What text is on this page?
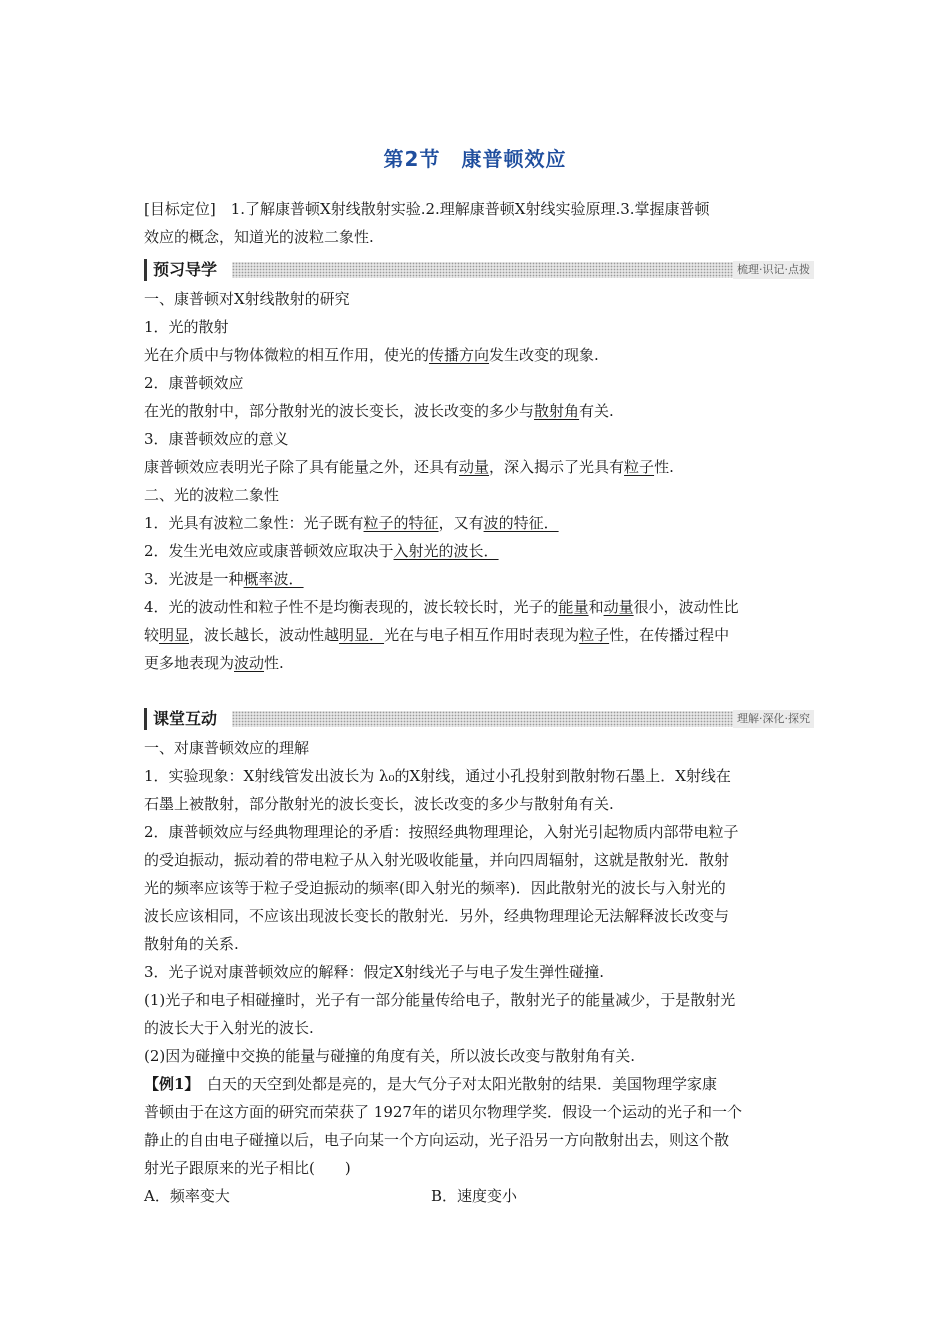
第2节　康普顿效应
[目标定位]　1.了解康普顿X射线散射实验.2.理解康普顿X射线实验原理.3.掌握康普顿
效应的概念，知道光的波粒二象性.
预习导学	梳理·识记·点拨
一、康普顿对X射线散射的研究
1．光的散射
光在介质中与物体微粒的相互作用，使光的传播方向发生改变的现象.
2．康普顿效应
在光的散射中，部分散射光的波长变长，波长改变的多少与散射角有关.
3．康普顿效应的意义
康普顿效应表明光子除了具有能量之外，还具有动量，深入揭示了光具有粒子性.
二、光的波粒二象性
1．光具有波粒二象性：光子既有粒子的特征，又有波的特征．
2．发生光电效应或康普顿效应取决于入射光的波长．
3．光波是一种概率波．
4．光的波动性和粒子性不是均衡表现的，波长较长时，光子的能量和动量很小，波动性比
较明显，波长越长，波动性越明显．光在与电子相互作用时表现为粒子性，在传播过程中
更多地表现为波动性.
课堂互动	理解·深化·探究
一、对康普顿效应的理解
1．实验现象：X射线管发出波长为 λ₀的X射线，通过小孔投射到散射物石墨上．X射线在
石墨上被散射，部分散射光的波长变长，波长改变的多少与散射角有关.
2．康普顿效应与经典物理理论的矛盾：按照经典物理理论，入射光引起物质内部带电粒子
的受迫振动，振动着的带电粒子从入射光吸收能量，并向四周辐射，这就是散射光．散射
光的频率应该等于粒子受迫振动的频率(即入射光的频率)．因此散射光的波长与入射光的
波长应该相同，不应该出现波长变长的散射光．另外，经典物理理论无法解释波长改变与
散射角的关系.
3．光子说对康普顿效应的解释：假定X射线光子与电子发生弹性碰撞.
(1)光子和电子相碰撞时，光子有一部分能量传给电子，散射光子的能量减少，于是散射光
的波长大于入射光的波长.
(2)因为碰撞中交换的能量与碰撞的角度有关，所以波长改变与散射角有关.
【例1】　白天的天空到处都是亮的，是大气分子对太阳光散射的结果．美国物理学家康
普顿由于在这方面的研究而荣获了 1927年的诺贝尔物理学奖．假设一个运动的光子和一个
静止的自由电子碰撞以后，电子向某一个方向运动，光子沿另一方向散射出去，则这个散
射光子跟原来的光子相比(　　)
A．频率变大	B．速度变小
